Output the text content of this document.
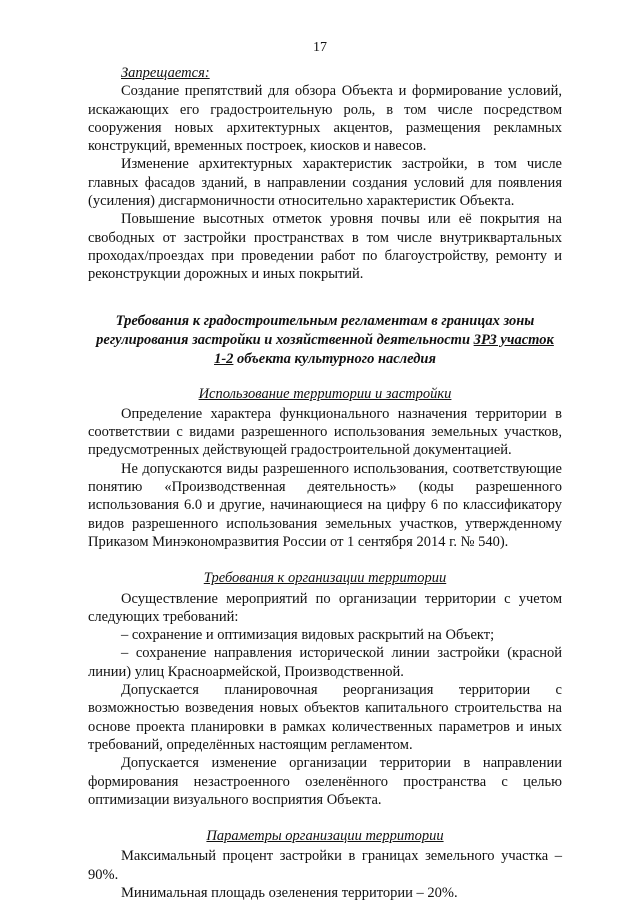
17
Запрещается:

Создание препятствий для обзора Объекта и формирование условий, искажающих его градостроительную роль, в том числе посредством сооружения новых архитектурных акцентов, размещения рекламных конструкций, временных построек, киосков и навесов.

Изменение архитектурных характеристик застройки, в том числе главных фасадов зданий, в направлении создания условий для появления (усиления) дисгармоничности относительно характеристик Объекта.

Повышение высотных отметок уровня почвы или её покрытия на свободных от застройки пространствах в том числе внутриквартальных проходах/проездах при проведении работ по благоустройству, ремонту и реконструкции дорожных и иных покрытий.

Требования к градостроительным регламентам в границах зоны регулирования застройки и хозяйственной деятельности ЗРЗ участок 1-2 объекта культурного наследия
Использование территории и застройки

Определение характера функционального назначения территории в соответствии с видами разрешенного использования земельных участков, предусмотренных действующей градостроительной документацией.

Не допускаются виды разрешенного использования, соответствующие понятию «Производственная деятельность» (коды разрешенного использования 6.0 и другие, начинающиеся на цифру 6 по классификатору видов разрешенного использования земельных участков, утвержденному Приказом Минэкономразвития России от 1 сентября 2014 г. № 540).

Требования к организации территории

Осуществление мероприятий по организации территории с учетом следующих требований:

– сохранение и оптимизация видовых раскрытий на Объект;

– сохранение направления исторической линии застройки (красной линии) улиц Красноармейской, Производственной.

Допускается планировочная реорганизация территории с возможностью возведения новых объектов капитального строительства на основе проекта планировки в рамках количественных параметров и иных требований, определённых настоящим регламентом.

Допускается изменение организации территории в направлении формирования незастроенного озеленённого пространства с целью оптимизации визуального восприятия Объекта.

Параметры организации территории

Максимальный процент застройки в границах земельного участка – 90%.

Минимальная площадь озеленения территории – 20%.
